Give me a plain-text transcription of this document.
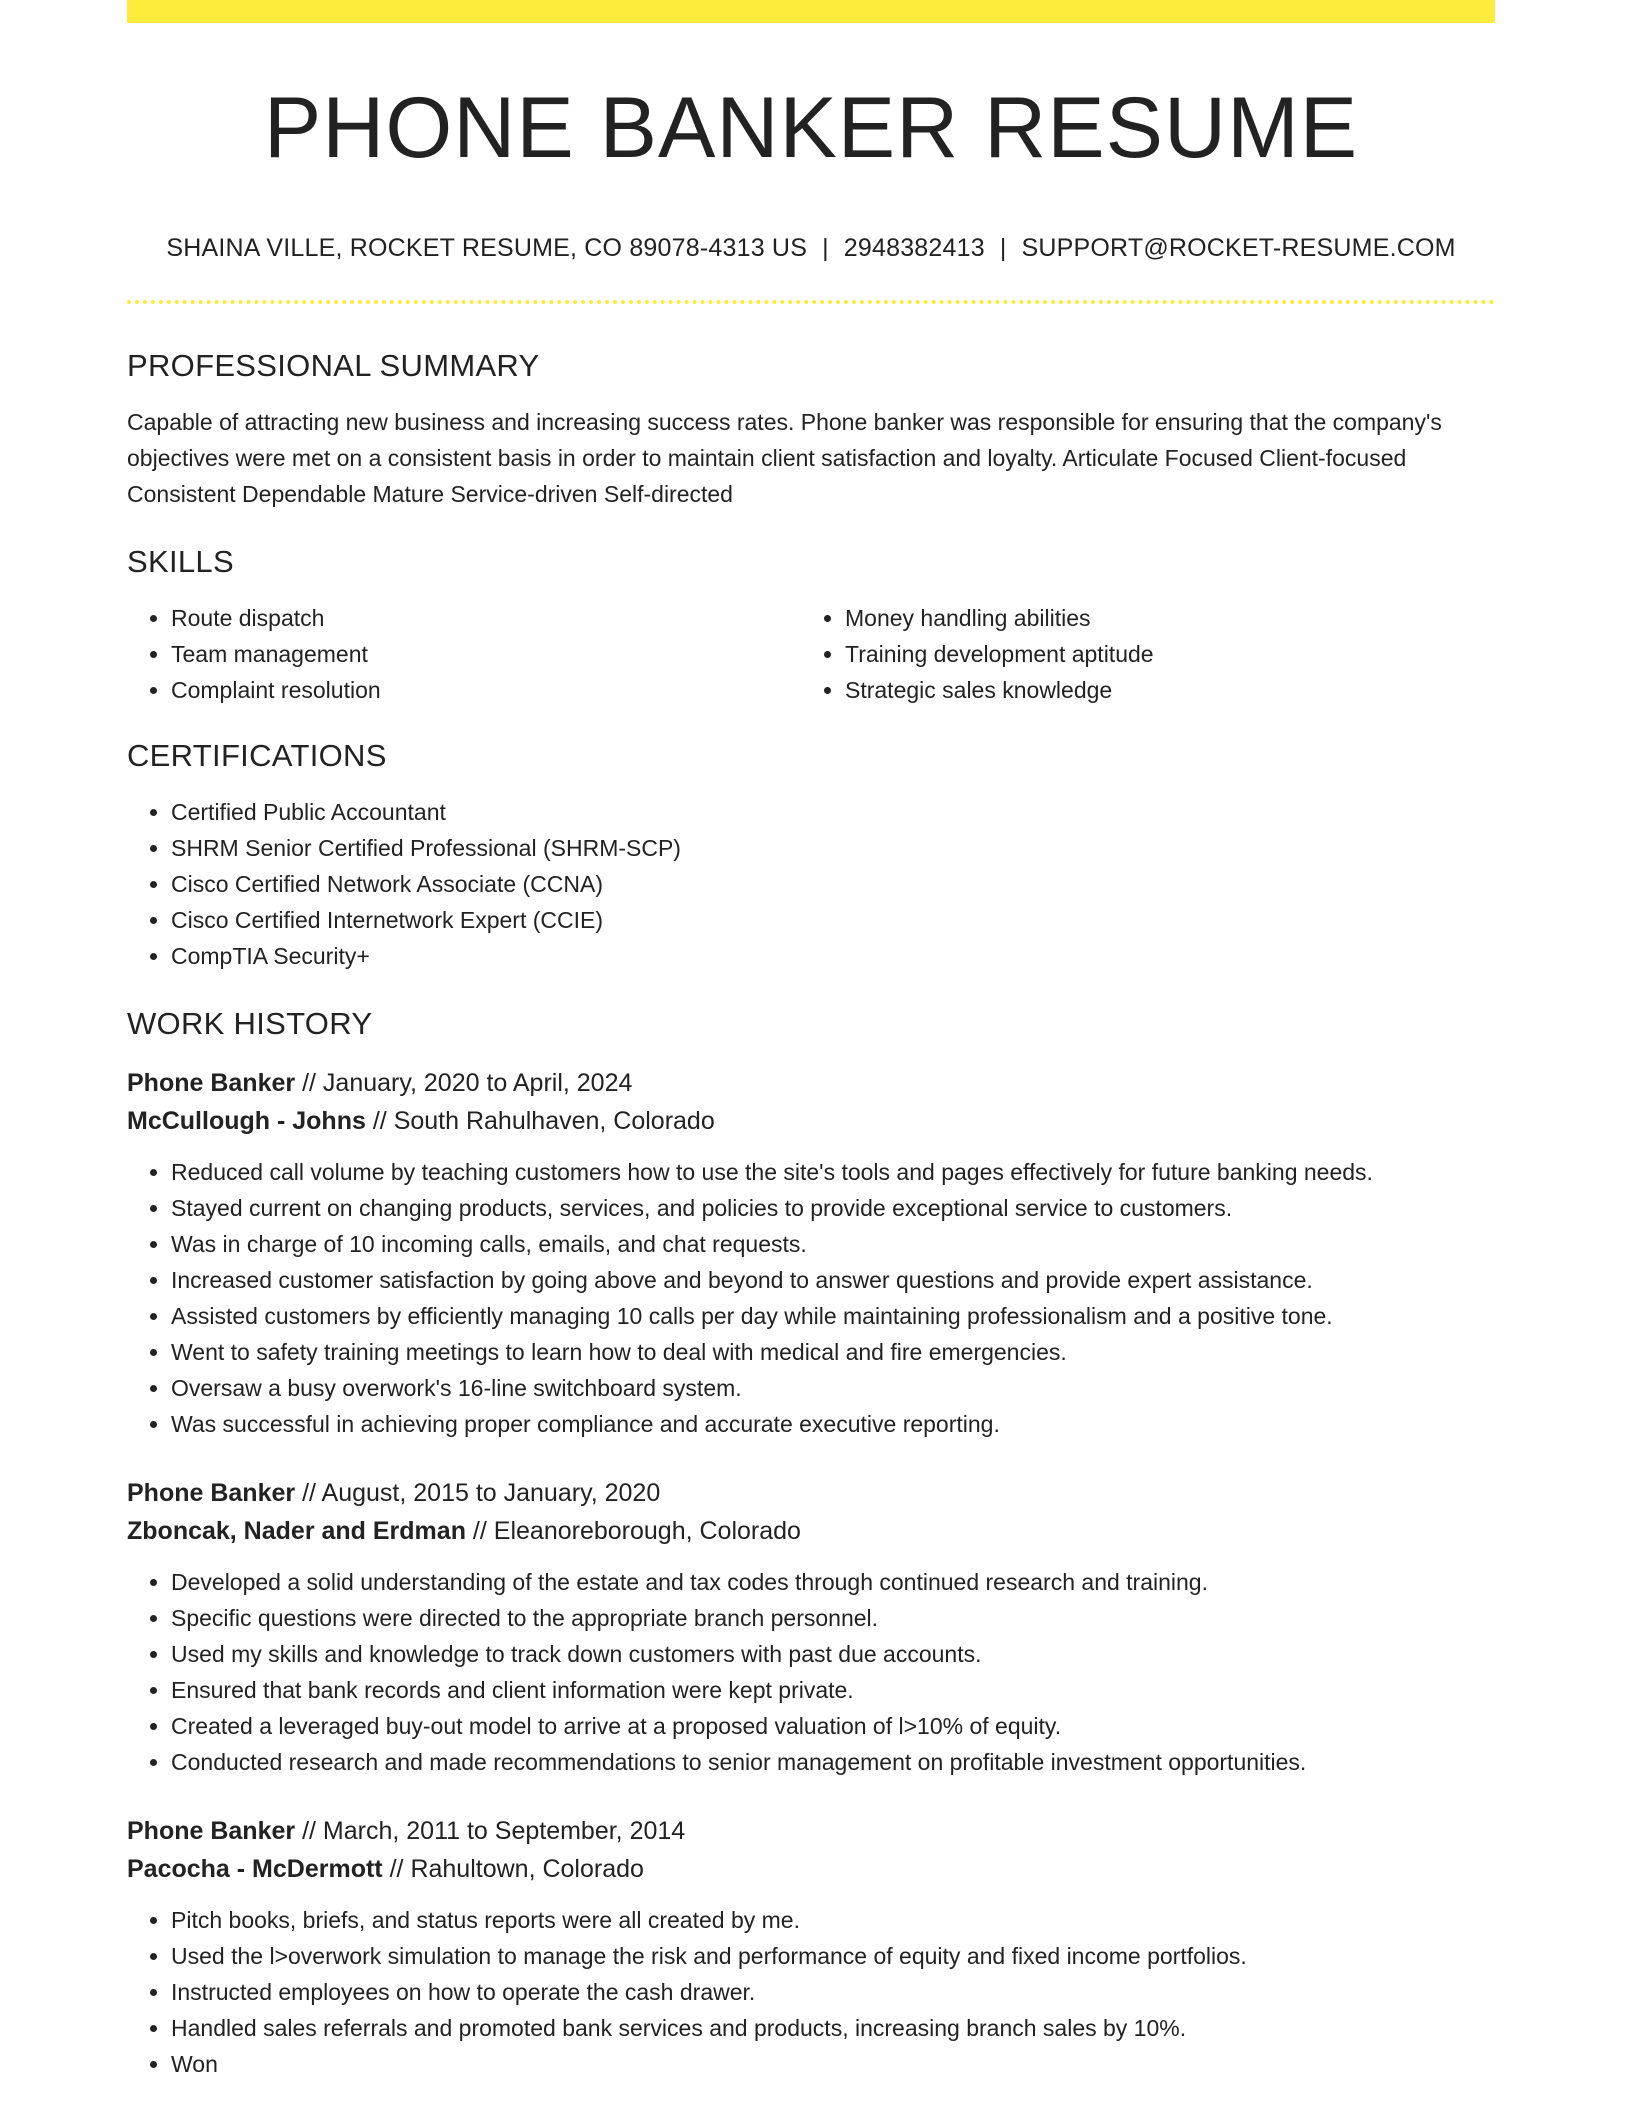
PHONE BANKER RESUME
SHAINA VILLE, ROCKET RESUME, CO 89078-4313 US | 2948382413 | SUPPORT@ROCKET-RESUME.COM
PROFESSIONAL SUMMARY
Capable of attracting new business and increasing success rates. Phone banker was responsible for ensuring that the company's objectives were met on a consistent basis in order to maintain client satisfaction and loyalty. Articulate Focused Client-focused Consistent Dependable Mature Service-driven Self-directed
SKILLS
• Route dispatch
• Team management
• Complaint resolution
• Money handling abilities
• Training development aptitude
• Strategic sales knowledge
CERTIFICATIONS
• Certified Public Accountant
• SHRM Senior Certified Professional (SHRM-SCP)
• Cisco Certified Network Associate (CCNA)
• Cisco Certified Internetwork Expert (CCIE)
• CompTIA Security+
WORK HISTORY
Phone Banker // January, 2020 to April, 2024
McCullough - Johns // South Rahulhaven, Colorado
• Reduced call volume by teaching customers how to use the site's tools and pages effectively for future banking needs.
• Stayed current on changing products, services, and policies to provide exceptional service to customers.
• Was in charge of 10 incoming calls, emails, and chat requests.
• Increased customer satisfaction by going above and beyond to answer questions and provide expert assistance.
• Assisted customers by efficiently managing 10 calls per day while maintaining professionalism and a positive tone.
• Went to safety training meetings to learn how to deal with medical and fire emergencies.
• Oversaw a busy overwork's 16-line switchboard system.
• Was successful in achieving proper compliance and accurate executive reporting.
Phone Banker // August, 2015 to January, 2020
Zboncak, Nader and Erdman // Eleanoreborough, Colorado
• Developed a solid understanding of the estate and tax codes through continued research and training.
• Specific questions were directed to the appropriate branch personnel.
• Used my skills and knowledge to track down customers with past due accounts.
• Ensured that bank records and client information were kept private.
• Created a leveraged buy-out model to arrive at a proposed valuation of l>10% of equity.
• Conducted research and made recommendations to senior management on profitable investment opportunities.
Phone Banker // March, 2011 to September, 2014
Pacocha - McDermott // Rahultown, Colorado
• Pitch books, briefs, and status reports were all created by me.
• Used the l>overwork simulation to manage the risk and performance of equity and fixed income portfolios.
• Instructed employees on how to operate the cash drawer.
• Handled sales referrals and promoted bank services and products, increasing branch sales by 10%.
• Won
